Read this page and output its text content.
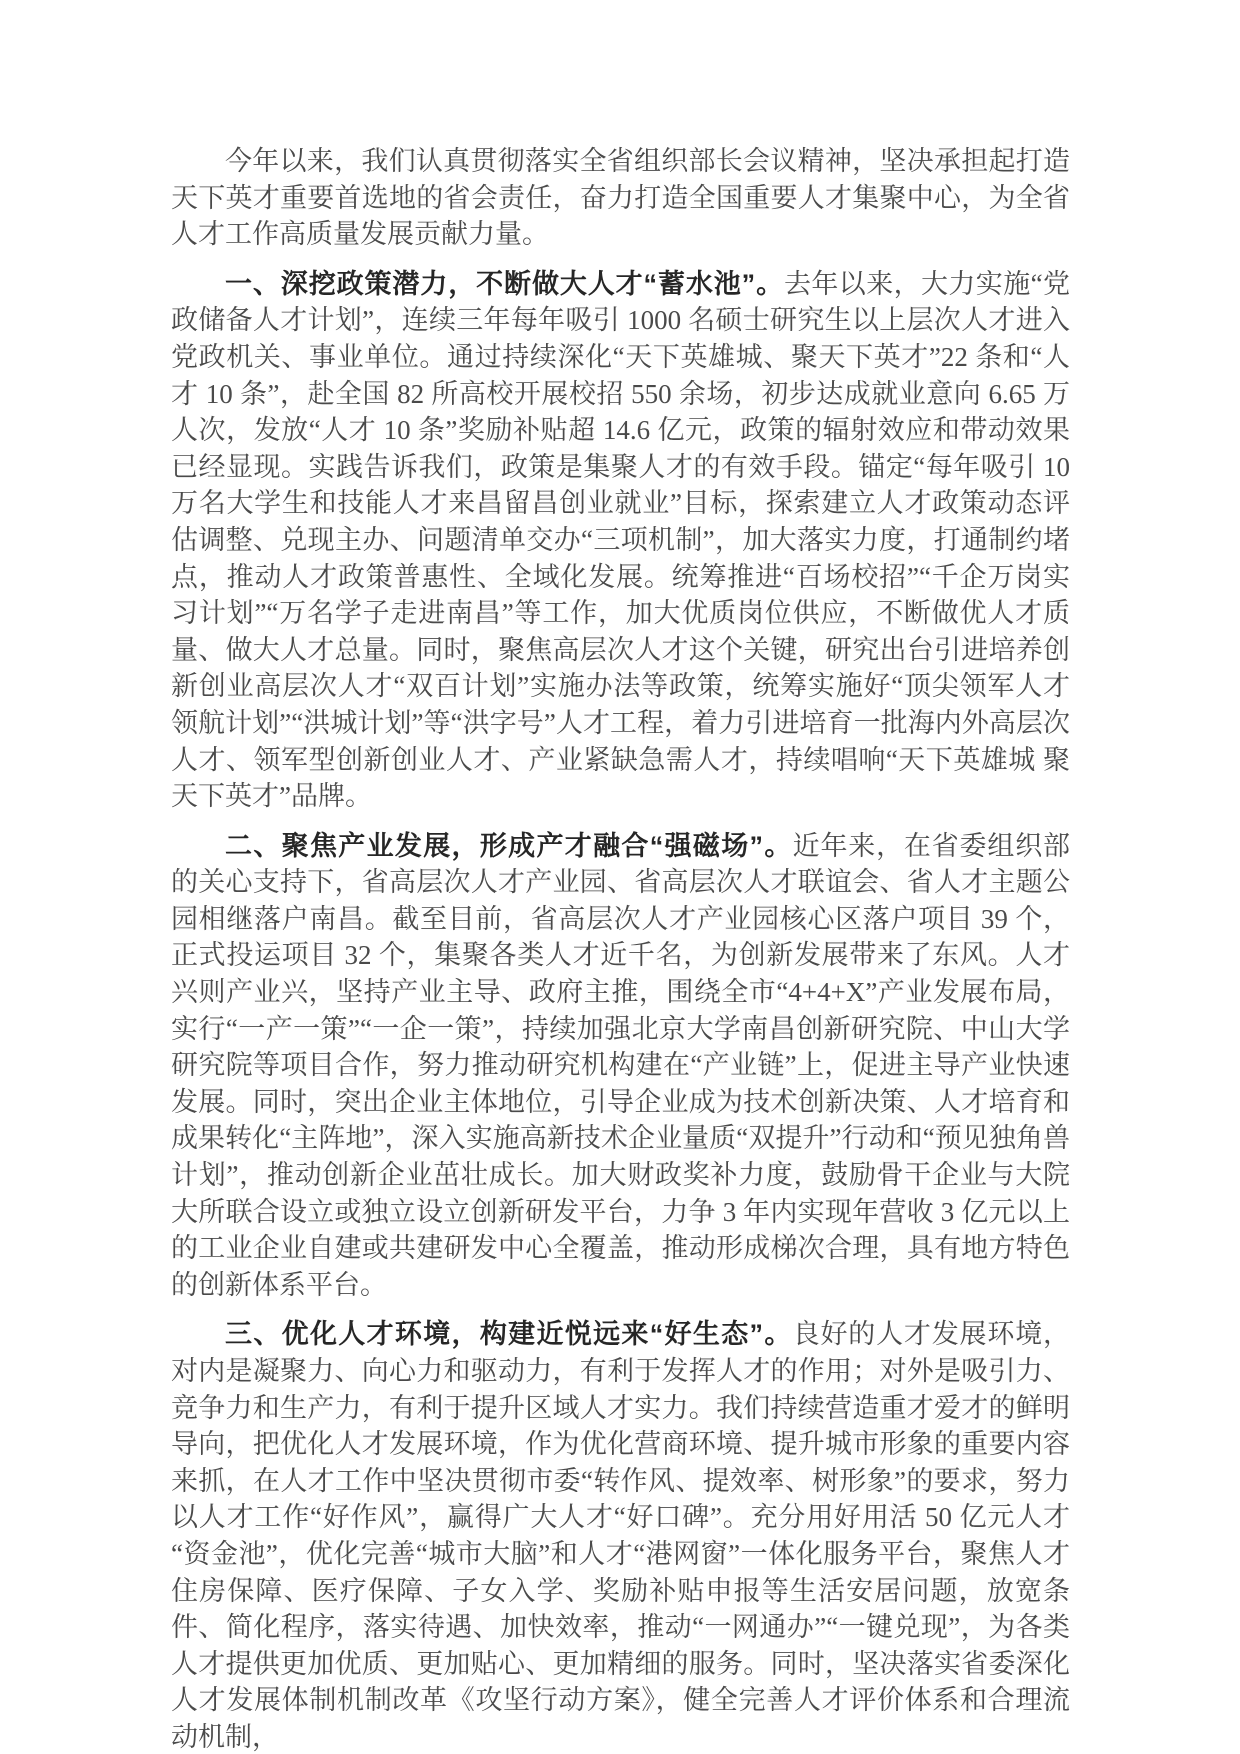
今年以来，我们认真贯彻落实全省组织部长会议精神，坚决承担起打造天下英才重要首选地的省会责任，奋力打造全国重要人才集聚中心，为全省人才工作高质量发展贡献力量。

一、深挖政策潜力，不断做大人才“蓄水池”。去年以来，大力实施“党政储备人才计划”，连续三年每年吸引 1000 名硕士研究生以上层次人才进入党政机关、事业单位。通过持续深化“天下英雄城、聚天下英才”22 条和“人才 10 条”，赴全国 82 所高校开展校招 550 余场，初步达成就业意向 6.65 万人次，发放“人才 10 条”奖励补贴超 14.6 亿元，政策的辐射效应和带动效果已经显现。实践告诉我们，政策是集聚人才的有效手段。锚定“每年吸引 10 万名大学生和技能人才来昌留昌创业就业”目标，探索建立人才政策动态评估调整、兑现主办、问题清单交办“三项机制”，加大落实力度，打通制约堵点，推动人才政策普惠性、全域化发展。统筹推进“百场校招”“千企万岗实习计划”“万名学子走进南昌”等工作，加大优质岗位供应，不断做优人才质量、做大人才总量。同时，聚焦高层次人才这个关键，研究出台引进培养创新创业高层次人才“双百计划”实施办法等政策，统筹实施好“顶尖领军人才领航计划”“洪城计划”等“洪字号”人才工程，着力引进培育一批海内外高层次人才、领军型创新创业人才、产业紧缺急需人才，持续唱响“天下英雄城 聚天下英才”品牌。

二、聚焦产业发展，形成产才融合“强磁场”。近年来，在省委组织部的关心支持下，省高层次人才产业园、省高层次人才联谊会、省人才主题公园相继落户南昌。截至目前，省高层次人才产业园核心区落户项目 39 个，正式投运项目 32 个，集聚各类人才近千名，为创新发展带来了东风。人才兴则产业兴，坚持产业主导、政府主推，围绕全市“4+4+X”产业发展布局，实行“一产一策”“一企一策”，持续加强北京大学南昌创新研究院、中山大学研究院等项目合作，努力推动研究机构建在“产业链”上，促进主导产业快速发展。同时，突出企业主体地位，引导企业成为技术创新决策、人才培育和成果转化“主阵地”，深入实施高新技术企业量质“双提升”行动和“预见独角兽计划”，推动创新企业茁壮成长。加大财政奖补力度，鼓励骨干企业与大院大所联合设立或独立设立创新研发平台，力争 3 年内实现年营收 3 亿元以上的工业企业自建或共建研发中心全覆盖，推动形成梯次合理，具有地方特色的创新体系平台。

三、优化人才环境，构建近悦远来“好生态”。良好的人才发展环境，对内是凝聚力、向心力和驱动力，有利于发挥人才的作用；对外是吸引力、竞争力和生产力，有利于提升区域人才实力。我们持续营造重才爱才的鲜明导向，把优化人才发展环境，作为优化营商环境、提升城市形象的重要内容来抓，在人才工作中坚决贯彻市委“转作风、提效率、树形象”的要求，努力以人才工作“好作风”，赢得广大人才“好口碑”。充分用好用活 50 亿元人才“资金池”，优化完善“城市大脑”和人才“港网窗”一体化服务平台，聚焦人才住房保障、医疗保障、子女入学、奖励补贴申报等生活安居问题，放宽条件、简化程序，落实待遇、加快效率，推动“一网通办”“一键兑现”，为各类人才提供更加优质、更加贴心、更加精细的服务。同时，坚决落实省委深化人才发展体制机制改革《攻坚行动方案》，健全完善人才评价体系和合理流动机制，
